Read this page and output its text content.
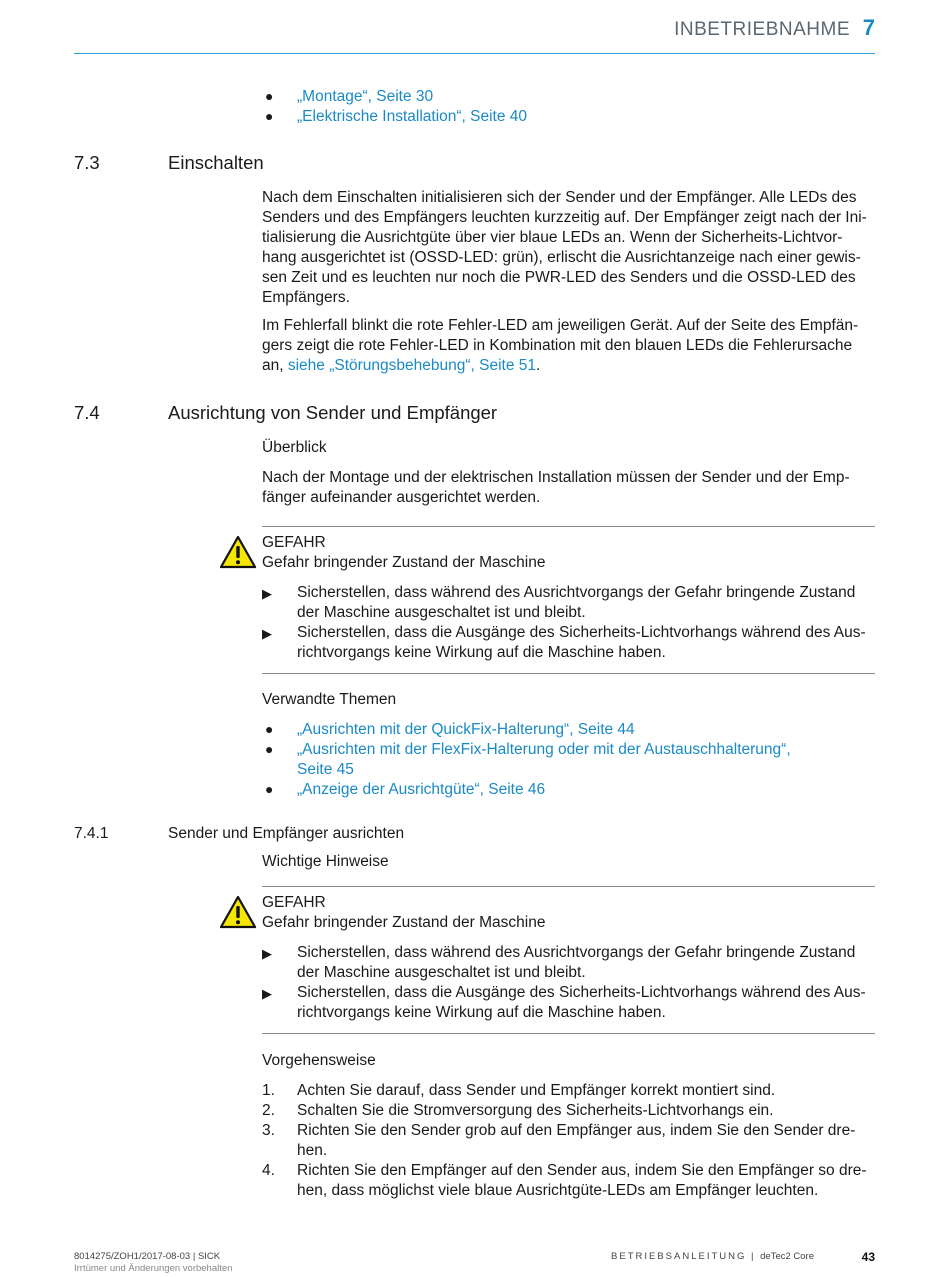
INBETRIEBNAHME 7
● „Montage“, Seite 30
● „Elektrische Installation“, Seite 40
7.3	Einschalten
Nach dem Einschalten initialisieren sich der Sender und der Empfänger. Alle LEDs des
Senders und des Empfängers leuchten kurzzeitig auf. Der Empfänger zeigt nach der Ini-
tialisierung die Ausrichtgüte über vier blaue LEDs an. Wenn der Sicherheits-Lichtvor-
hang ausgerichtet ist (OSSD-LED: grün), erlischt die Ausrichtanzeige nach einer gewis-
sen Zeit und es leuchten nur noch die PWR-LED des Senders und die OSSD-LED des
Empfängers.
Im Fehlerfall blinkt die rote Fehler-LED am jeweiligen Gerät. Auf der Seite des Empfän-
gers zeigt die rote Fehler-LED in Kombination mit den blauen LEDs die Fehlerursache
an, siehe „Störungsbehebung“, Seite 51.
7.4	Ausrichtung von Sender und Empfänger
Überblick
Nach der Montage und der elektrischen Installation müssen der Sender und der Emp-
fänger aufeinander ausgerichtet werden.
GEFAHR
Gefahr bringender Zustand der Maschine
▶ Sicherstellen, dass während des Ausrichtvorgangs der Gefahr bringende Zustand
der Maschine ausgeschaltet ist und bleibt.
▶ Sicherstellen, dass die Ausgänge des Sicherheits-Lichtvorhangs während des Aus-
richtvorgangs keine Wirkung auf die Maschine haben.
Verwandte Themen
● „Ausrichten mit der QuickFix-Halterung“, Seite 44
● „Ausrichten mit der FlexFix-Halterung oder mit der Austauschhalterung“,
Seite 45
● „Anzeige der Ausrichtgüte“, Seite 46
7.4.1	Sender und Empfänger ausrichten
Wichtige Hinweise
GEFAHR
Gefahr bringender Zustand der Maschine
▶ Sicherstellen, dass während des Ausrichtvorgangs der Gefahr bringende Zustand
der Maschine ausgeschaltet ist und bleibt.
▶ Sicherstellen, dass die Ausgänge des Sicherheits-Lichtvorhangs während des Aus-
richtvorgangs keine Wirkung auf die Maschine haben.
Vorgehensweise
1. Achten Sie darauf, dass Sender und Empfänger korrekt montiert sind.
2. Schalten Sie die Stromversorgung des Sicherheits-Lichtvorhangs ein.
3. Richten Sie den Sender grob auf den Empfänger aus, indem Sie den Sender dre-
hen.
4. Richten Sie den Empfänger auf den Sender aus, indem Sie den Empfänger so dre-
hen, dass möglichst viele blaue Ausrichtgüte-LEDs am Empfänger leuchten.
8014275/ZOH1/2017-08-03 | SICK
Irrtümer und Änderungen vorbehalten
BETRIEBSANLEITUNG | deTec2 Core	43
